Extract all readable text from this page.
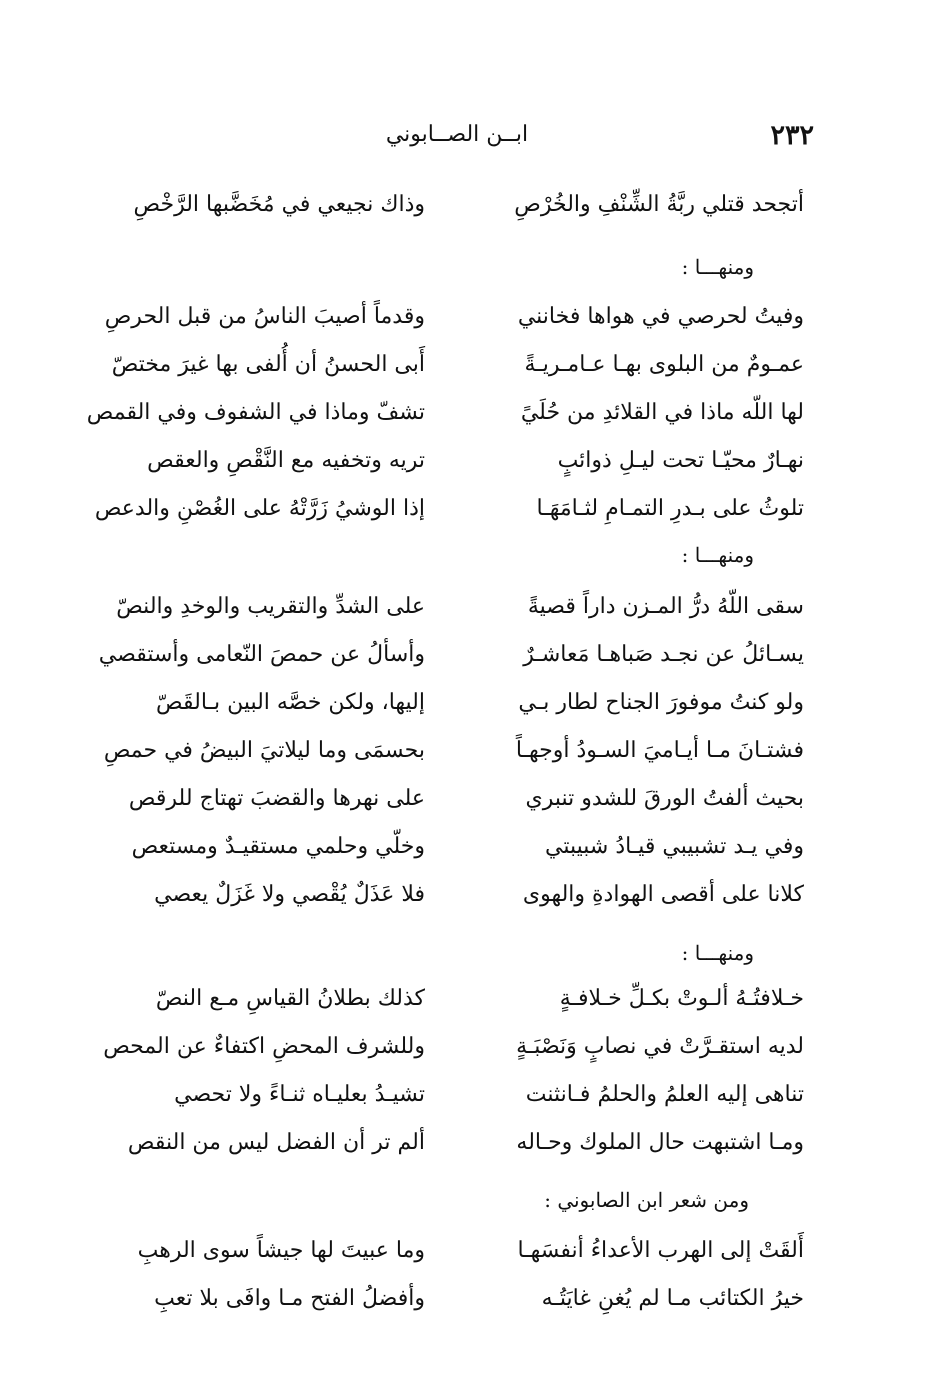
٢٣٢
ابــن الصــابوني
أتجحد قتلي ربَّةُ الشِّنْفِ والخُرْصِ
وذاك نجيعي في مُخَضَّبها الرَّخْصِ
ومنهـــا :
وفيتُ لحرصي في هواها فخانني
وقدماً أصيبَ الناسُ من قبل الحرصِ
عمـومٌ من البلوى بهـا عـامـريـةً
أَبى الحسنُ أن أُلفى بها غيرَ مختصّ
لها اللّه ماذا في القلائدِ من حُلَيً
تشفّ وماذا في الشفوف وفي القمص
نهـارٌ محيّـا تحت ليـلِ ذوائبٍ
تريه وتخفيه مع النَّقْصِ والعقص
تلوثُ على بـدرِ التمـامِ لثـامَهَـا
إذا الوشيُ زَرَّتْهُ على الغُصْنِ والدعص
ومنهـــا :
سقى اللّهُ درُّ المـزن داراً قصيةً
على الشدِّ والتقريب والوخدِ والنصّ
يسـائلُ عن نجـد صَباهـا مَعاشـرٌ
وأسألُ عن حمصَ النّعامى وأستقصي
ولو كنتُ موفورَ الجناح لطار بـي
إليها، ولكن خصَّه البين بـالقَصّ
فشتـانَ مـا أيـاميَ السـودُ أوجهـاً
بحسمَى وما ليلاتيَ البيضُ في حمصِ
بحيث ألفتُ الورقَ للشدو تنبري
على نهرها والقضبَ تهتاج للرقص
وفي يـد تشبيبي قيـادُ شبيبتي
وخلّي وحلمي مستقيـدٌ ومستعص
كلانا على أقصى الهوادةِ والهوى
فلا عَذَلٌ يُقْصي ولا غَزَلٌ يعصي
ومنهـــا :
خـلافتُـهُ ألـوتْ بكـلِّ خـلافـةٍ
كذلك بطلانُ القياسِ مـع النصّ
لديه استقـرَّتْ في نصابٍ وَنَصْبَـةٍ
وللشرف المحضِ اكتفاءٌ عن المحص
تناهى إليه العلمُ والحلمُ فـانثنت
تشيـدُ بعليـاه ثنـاءً ولا تحصي
ومـا اشتبهت حال الملوك وحـاله
ألم تر أن الفضل ليس من النقص
ومن شعر ابن الصابوني :
أَلقَتْ إلى الهرب الأعداءُ أنفسَهـا
وما عبيتَ لها جيشاً سوى الرهبِ
خيرُ الكتائب مـا لم يُغنِ غايَتُـه
وأفضلُ الفتح مـا وافَى بلا تعبِ
